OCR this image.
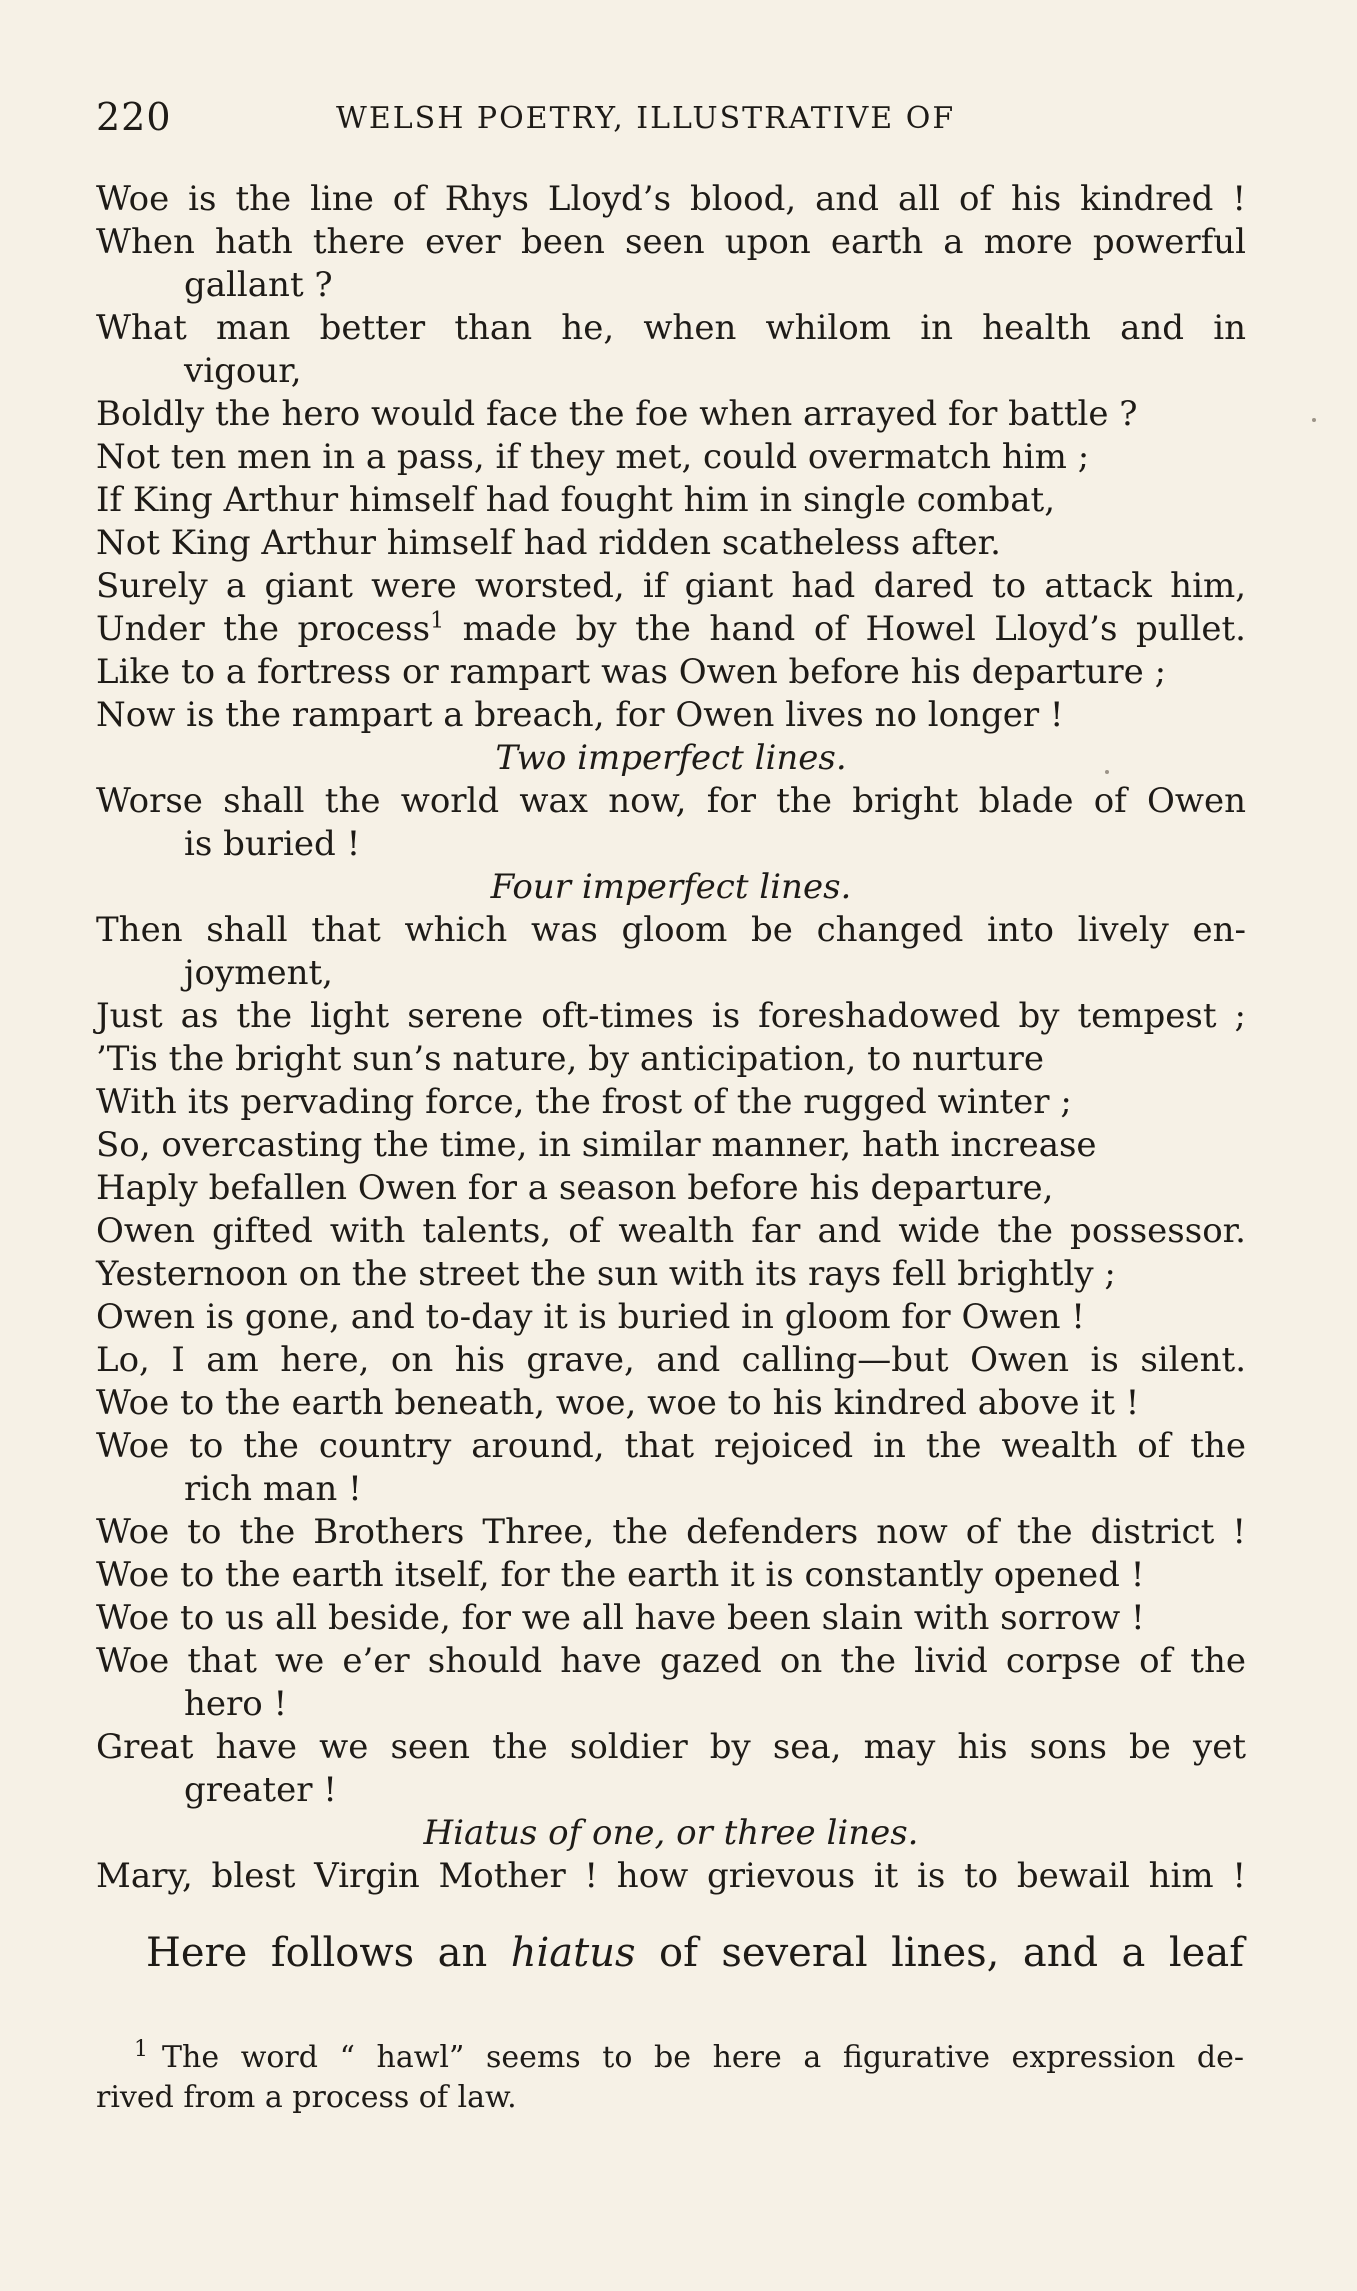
220	WELSH POETRY, ILLUSTRATIVE OF
Woe is the line of Rhys Lloyd’s blood, and all of his kindred !
When hath there ever been seen upon earth a more powerful
gallant ?
What man better than he, when whilom in health and in
vigour,
Boldly the hero would face the foe when arrayed for battle ?
Not ten men in a pass, if they met, could overmatch him ;
If King Arthur himself had fought him in single combat,
Not King Arthur himself had ridden scatheless after.
Surely a giant were worsted, if giant had dared to attack him,
Under the process$^1$ made by the hand of Howel Lloyd’s pullet.
Like to a fortress or rampart was Owen before his departure ;
Now is the rampart a breach, for Owen lives no longer !
Two imperfect lines.
Worse shall the world wax now, for the bright blade of Owen
is buried !
Four imperfect lines.
Then shall that which was gloom be changed into lively en-
joyment,
Just as the light serene oft-times is foreshadowed by tempest ;
’Tis the bright sun’s nature, by anticipation, to nurture
With its pervading force, the frost of the rugged winter ;
So, overcasting the time, in similar manner, hath increase
Haply befallen Owen for a season before his departure,
Owen gifted with talents, of wealth far and wide the possessor.
Yesternoon on the street the sun with its rays fell brightly ;
Owen is gone, and to-day it is buried in gloom for Owen !
Lo, I am here, on his grave, and calling—but Owen is silent.
Woe to the earth beneath, woe, woe to his kindred above it !
Woe to the country around, that rejoiced in the wealth of the
rich man !
Woe to the Brothers Three, the defenders now of the district !
Woe to the earth itself, for the earth it is constantly opened !
Woe to us all beside, for we all have been slain with sorrow !
Woe that we e’er should have gazed on the livid corpse of the
hero !
Great have we seen the soldier by sea, may his sons be yet
greater !
Hiatus of one, or three lines.
Mary, blest Virgin Mother ! how grievous it is to bewail him !
Here follows an hiatus of several lines, and a leaf
$^1$ The word “ hawl” seems to be here a figurative expression de-
rived from a process of law.
